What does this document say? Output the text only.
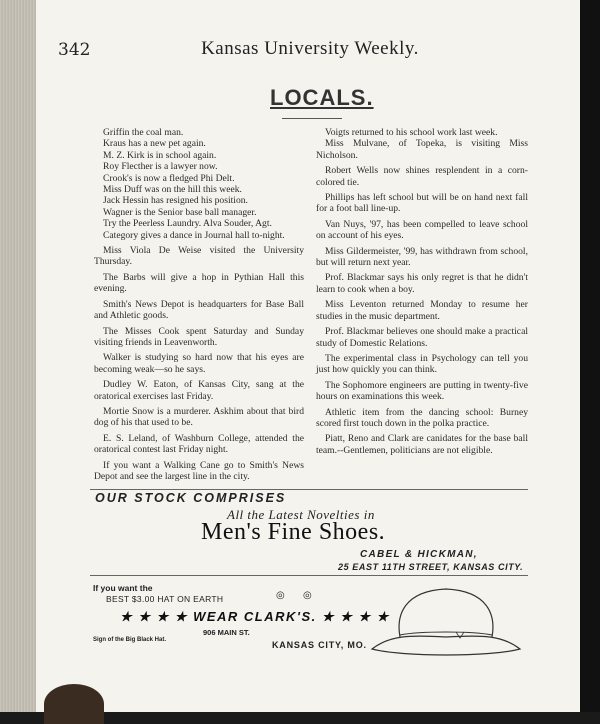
342	Kansas University Weekly.
LOCALS.

Griffin the coal man.

Kraus has a new pet again.

M. Z. Kirk is in school again.

Roy Flecther is a lawyer now.

Crook's is now a fledged Phi Delt.

Miss Duff was on the hill this week.

Jack Hessin has resigned his position.

Wagner is the Senior base ball manager.

Try the Peerless Laundry. Alva Souder, Agt.

Category gives a dance in Journal hall to-night.

Miss Viola De Weise visited the University Thursday.

The Barbs will give a hop in Pythian Hall this evening.

Smith's News Depot is headquarters for Base Ball and Athletic goods.

The Misses Cook spent Saturday and Sunday visiting friends in Leavenworth.

Walker is studying so hard now that his eyes are becoming weak—so he says.

Dudley W. Eaton, of Kansas City, sang at the oratorical exercises last Friday.

Mortie Snow is a murderer. Askhim about that bird dog of his that used to be.

E. S. Leland, of Washburn College, attended the oratorical contest last Friday night.

If you want a Walking Cane go to Smith's News Depot and see the largest line in the city.

Voigts returned to his school work last week.

Miss Mulvane, of Topeka, is visiting Miss Nicholson.

Robert Wells now shines resplendent in a corn-colored tie.

Phillips has left school but will be on hand next fall for a foot ball line-up.

Van Nuys, '97, has been compelled to leave school on account of his eyes.

Miss Gildermeister, '99, has withdrawn from school, but will return next year.

Prof. Blackmar says his only regret is that he didn't learn to cook when a boy.

Miss Leventon returned Monday to resume her studies in the music department.

Prof. Blackmar believes one should make a practical study of Domestic Relations.

The experimental class in Psychology can tell you just how quickly you can think.

The Sophomore engineers are putting in twenty-five hours on examinations this week.

Athletic item from the dancing school: Burney scored first touch down in the polka practice.

Piatt, Reno and Clark are canidates for the base ball team.--Gentlemen, politicians are not eligible.

OUR STOCK COMPRISES
All the Latest Novelties in
Men's Fine Shoes.
CABEL & HICKMAN,
25 EAST 11TH STREET, KANSAS CITY.
If you want the
BEST $3.00 HAT ON EARTH	◎ ◎
★ ★ ★ ★ WEAR CLARK'S. ★ ★ ★ ★
906 MAIN ST.
Sign of the Big Black Hat.	KANSAS CITY, MO.
